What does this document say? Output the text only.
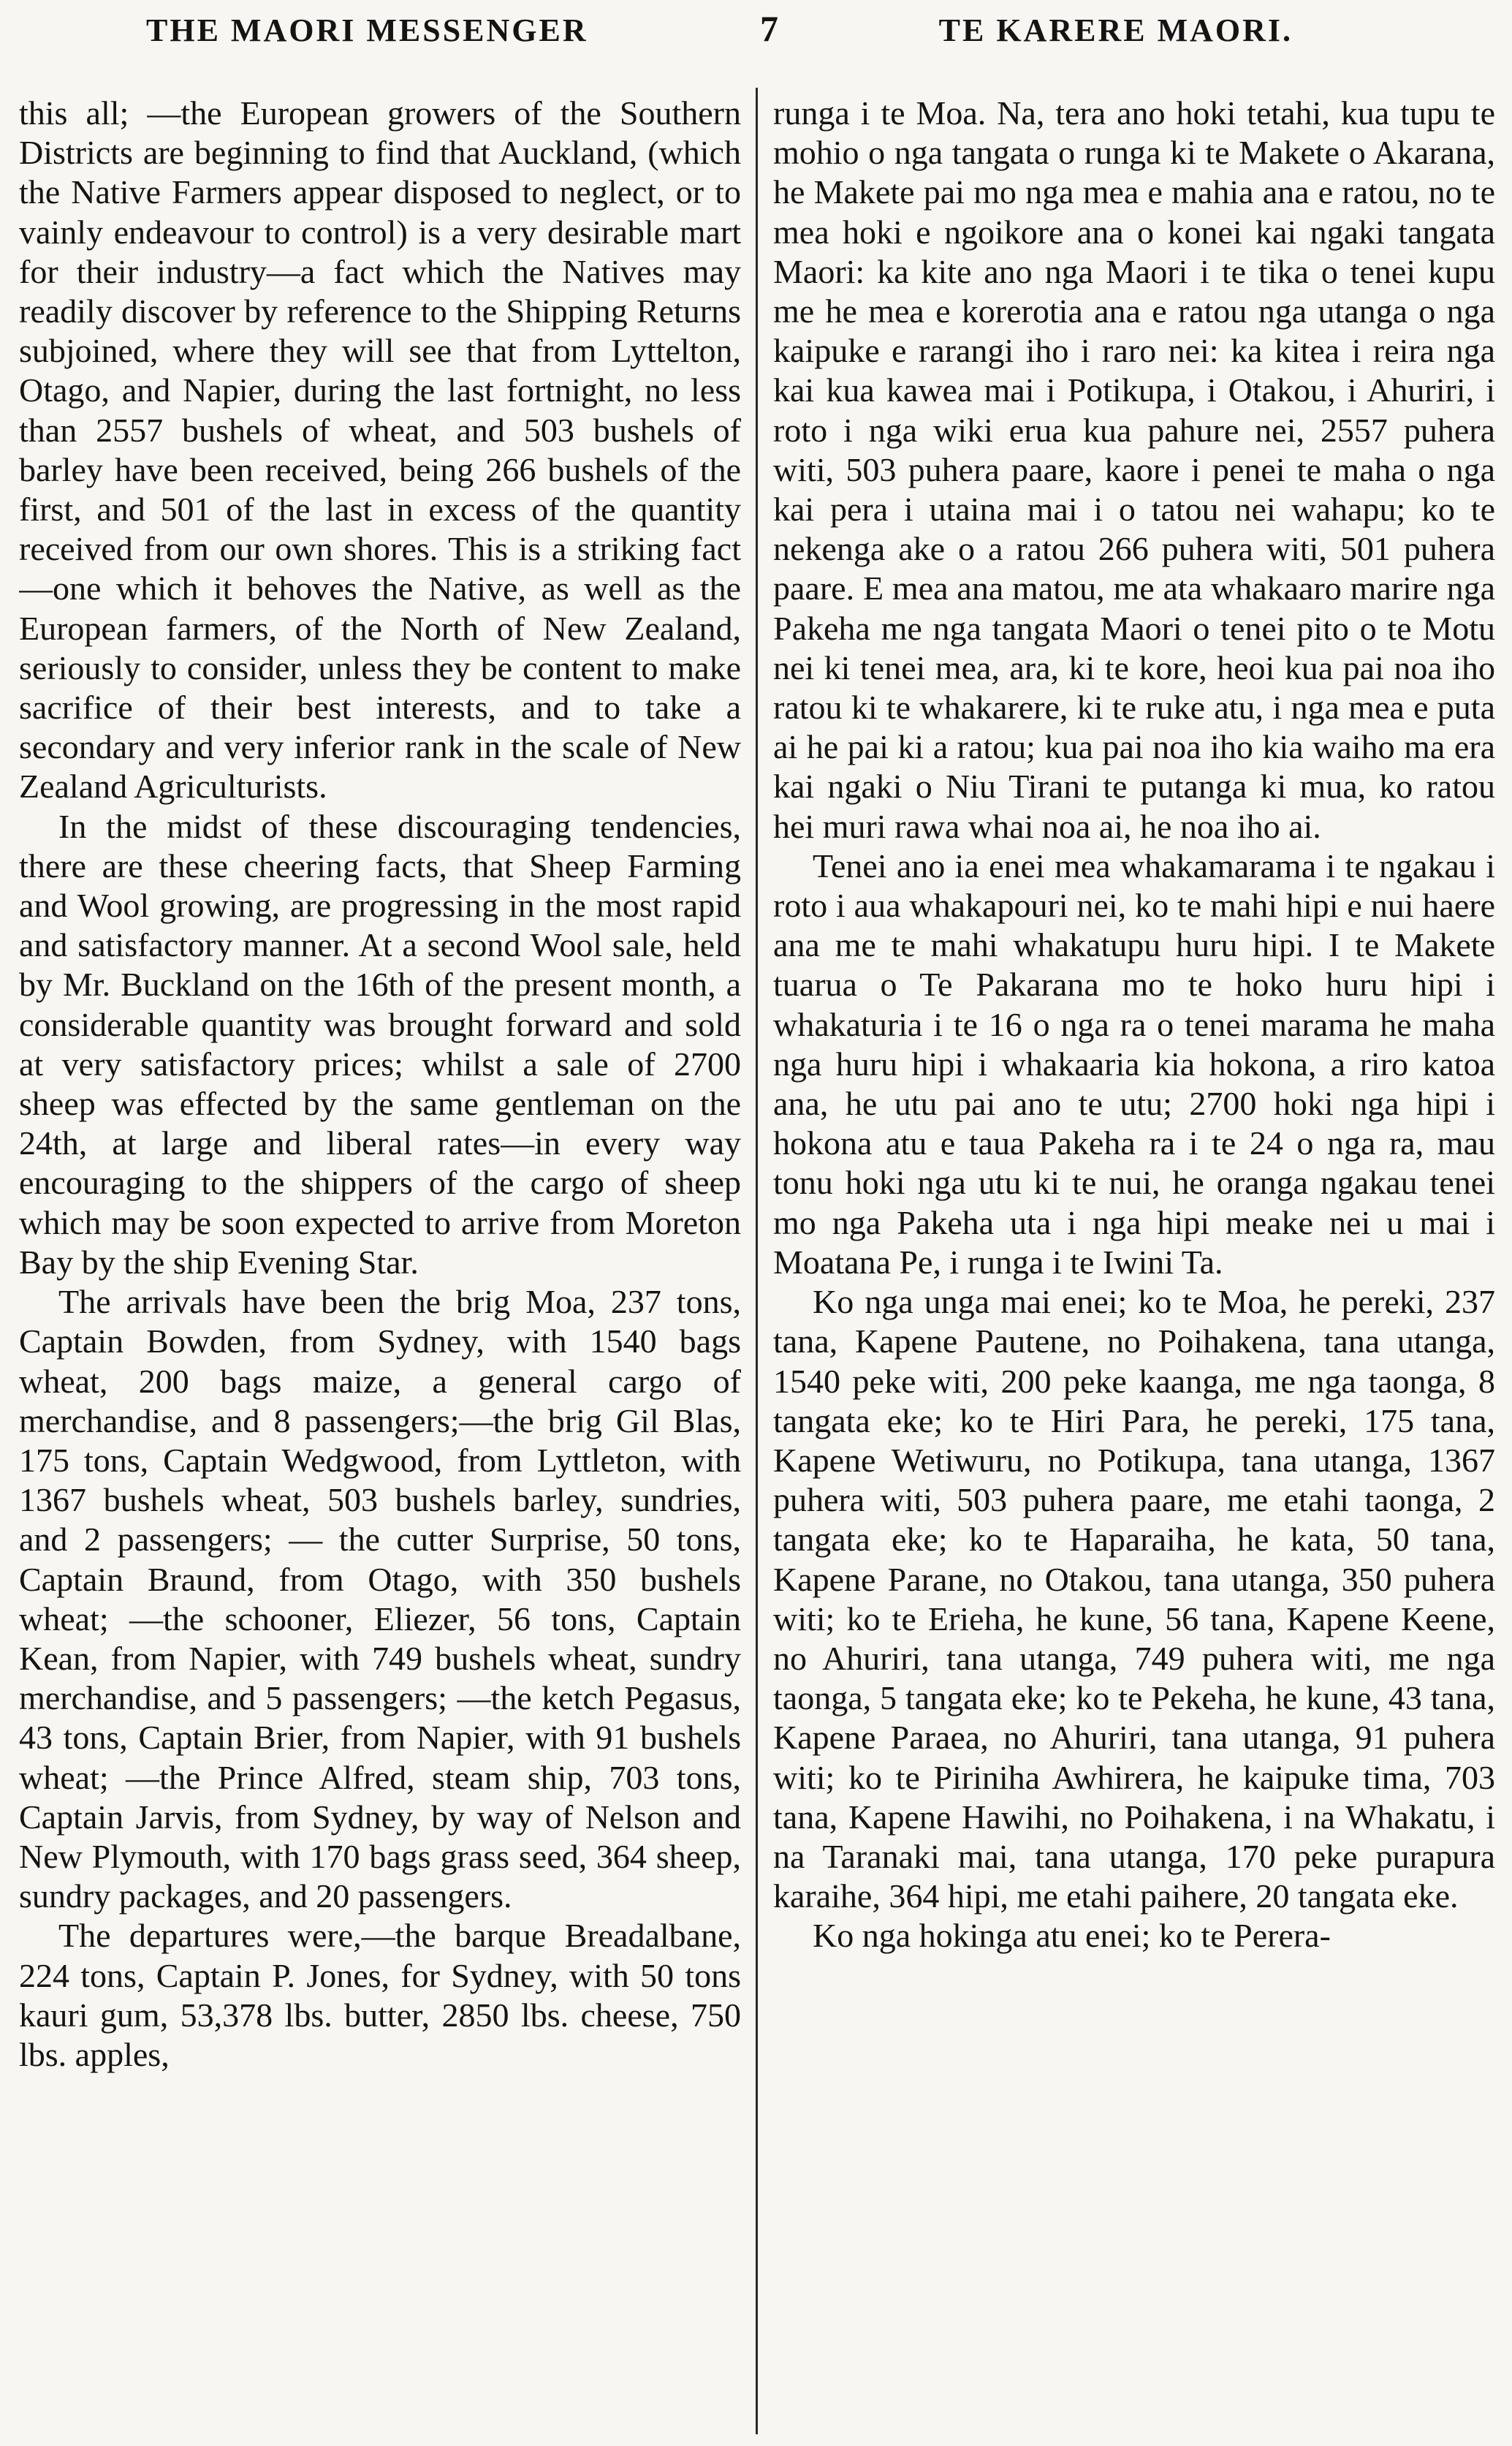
THE MAORI MESSENGER	7	TE KARERE MAORI.

this all; —the European growers of the Southern Districts are beginning to find that Auckland, (which the Native Farmers appear disposed to neglect, or to vainly endeavour to control) is a very desirable mart for their industry—a fact which the Natives may readily discover by reference to the Shipping Returns subjoined, where they will see that from Lyttelton, Otago, and Napier, during the last fortnight, no less than 2557 bushels of wheat, and 503 bushels of barley have been received, being 266 bushels of the first, and 501 of the last in excess of the quantity received from our own shores. This is a striking fact—one which it behoves the Native, as well as the European farmers, of the North of New Zealand, seriously to consider, unless they be content to make sacrifice of their best interests, and to take a secondary and very inferior rank in the scale of New Zealand Agriculturists.

In the midst of these discouraging tendencies, there are these cheering facts, that Sheep Farming and Wool growing, are progressing in the most rapid and satisfactory manner. At a second Wool sale, held by Mr. Buckland on the 16th of the present month, a considerable quantity was brought forward and sold at very satisfactory prices; whilst a sale of 2700 sheep was effected by the same gentleman on the 24th, at large and liberal rates—in every way encouraging to the shippers of the cargo of sheep which may be soon expected to arrive from Moreton Bay by the ship Evening Star.

The arrivals have been the brig Moa, 237 tons, Captain Bowden, from Sydney, with 1540 bags wheat, 200 bags maize, a general cargo of merchandise, and 8 passengers;—the brig Gil Blas, 175 tons, Captain Wedgwood, from Lyttleton, with 1367 bushels wheat, 503 bushels barley, sundries, and 2 passengers; — the cutter Surprise, 50 tons, Captain Braund, from Otago, with 350 bushels wheat; —the schooner, Eliezer, 56 tons, Captain Kean, from Napier, with 749 bushels wheat, sundry merchandise, and 5 passengers; —the ketch Pegasus, 43 tons, Captain Brier, from Napier, with 91 bushels wheat; —the Prince Alfred, steam ship, 703 tons, Captain Jarvis, from Sydney, by way of Nelson and New Plymouth, with 170 bags grass seed, 364 sheep, sundry packages, and 20 passengers.

The departures were,—the barque Breadalbane, 224 tons, Captain P. Jones, for Sydney, with 50 tons kauri gum, 53,378 lbs. butter, 2850 lbs. cheese, 750 lbs. apples,

runga i te Moa. Na, tera ano hoki tetahi, kua tupu te mohio o nga tangata o runga ki te Makete o Akarana, he Makete pai mo nga mea e mahia ana e ratou, no te mea hoki e ngoikore ana o konei kai ngaki tangata Maori: ka kite ano nga Maori i te tika o tenei kupu me he mea e korerotia ana e ratou nga utanga o nga kaipuke e rarangi iho i raro nei: ka kitea i reira nga kai kua kawea mai i Potikupa, i Otakou, i Ahuriri, i roto i nga wiki erua kua pahure nei, 2557 puhera witi, 503 puhera paare, kaore i penei te maha o nga kai pera i utaina mai i o tatou nei wahapu; ko te nekenga ake o a ratou 266 puhera witi, 501 puhera paare. E mea ana matou, me ata whakaaro marire nga Pakeha me nga tangata Maori o tenei pito o te Motu nei ki tenei mea, ara, ki te kore, heoi kua pai noa iho ratou ki te whakarere, ki te ruke atu, i nga mea e puta ai he pai ki a ratou; kua pai noa iho kia waiho ma era kai ngaki o Niu Tirani te putanga ki mua, ko ratou hei muri rawa whai noa ai, he noa iho ai.

Tenei ano ia enei mea whakamarama i te ngakau i roto i aua whakapouri nei, ko te mahi hipi e nui haere ana me te mahi whakatupu huru hipi. I te Makete tuarua o Te Pakarana mo te hoko huru hipi i whakaturia i te 16 o nga ra o tenei marama he maha nga huru hipi i whakaaria kia hokona, a riro katoa ana, he utu pai ano te utu; 2700 hoki nga hipi i hokona atu e taua Pakeha ra i te 24 o nga ra, mau tonu hoki nga utu ki te nui, he oranga ngakau tenei mo nga Pakeha uta i nga hipi meake nei u mai i Moatana Pe, i runga i te Iwini Ta.

Ko nga unga mai enei; ko te Moa, he pereki, 237 tana, Kapene Pautene, no Poihakena, tana utanga, 1540 peke witi, 200 peke kaanga, me nga taonga, 8 tangata eke; ko te Hiri Para, he pereki, 175 tana, Kapene Wetiwuru, no Potikupa, tana utanga, 1367 puhera witi, 503 puhera paare, me etahi taonga, 2 tangata eke; ko te Haparaiha, he kata, 50 tana, Kapene Parane, no Otakou, tana utanga, 350 puhera witi; ko te Erieha, he kune, 56 tana, Kapene Keene, no Ahuriri, tana utanga, 749 puhera witi, me nga taonga, 5 tangata eke; ko te Pekeha, he kune, 43 tana, Kapene Paraea, no Ahuriri, tana utanga, 91 puhera witi; ko te Piriniha Awhirera, he kaipuke tima, 703 tana, Kapene Hawihi, no Poihakena, i na Whakatu, i na Taranaki mai, tana utanga, 170 peke purapura karaihe, 364 hipi, me etahi paihere, 20 tangata eke.

Ko nga hokinga atu enei; ko te Perera-
